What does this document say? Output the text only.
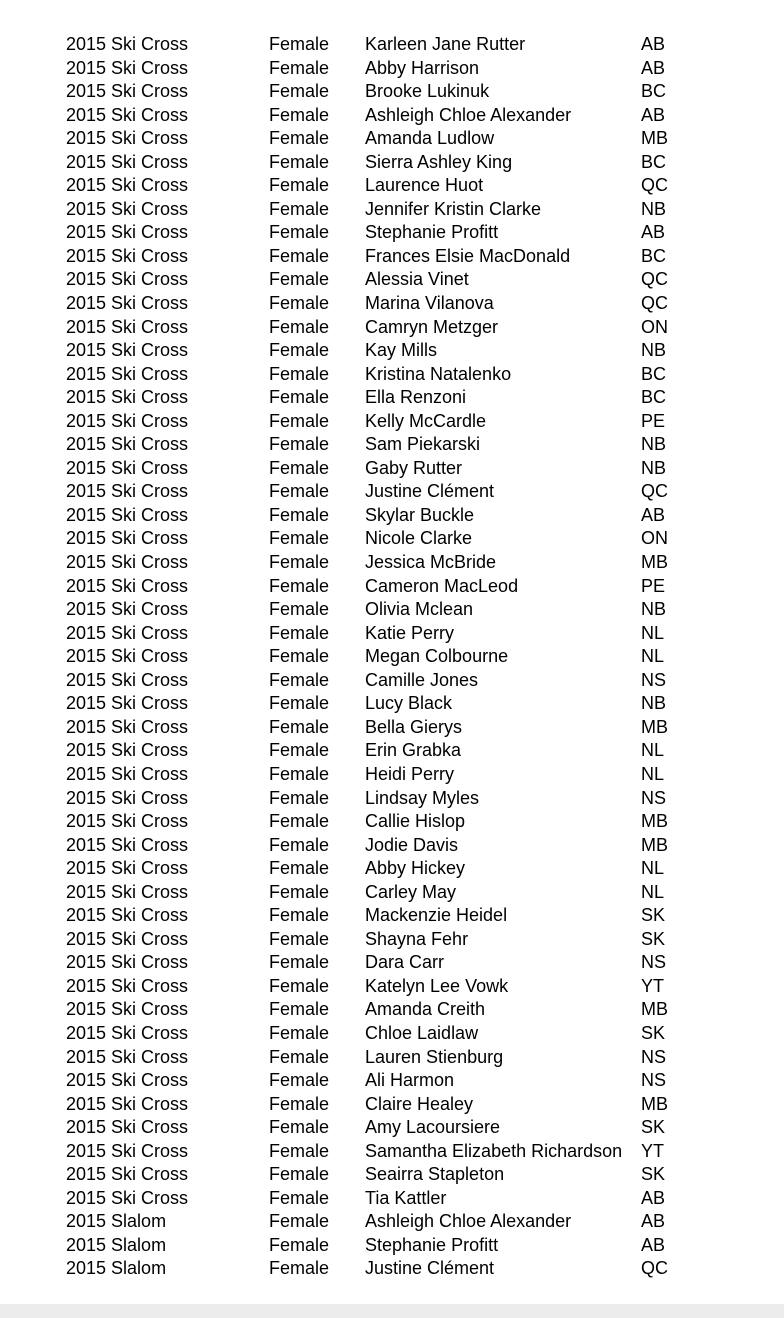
2015 Ski Cross	Female Karleen Jane Rutter	AB
2015 Ski Cross	Female Abby Harrison	AB
2015 Ski Cross	Female Brooke Lukinuk	BC
2015 Ski Cross	Female Ashleigh Chloe Alexander	AB
2015 Ski Cross	Female Amanda Ludlow	MB
2015 Ski Cross	Female Sierra Ashley King	BC
2015 Ski Cross	Female Laurence Huot	QC
2015 Ski Cross	Female Jennifer Kristin Clarke	NB
2015 Ski Cross	Female Stephanie Profitt	AB
2015 Ski Cross	Female Frances Elsie MacDonald	BC
2015 Ski Cross	Female Alessia Vinet	QC
2015 Ski Cross	Female Marina Vilanova	QC
2015 Ski Cross	Female Camryn Metzger	ON
2015 Ski Cross	Female Kay Mills	NB
2015 Ski Cross	Female Kristina Natalenko	BC
2015 Ski Cross	Female Ella Renzoni	BC
2015 Ski Cross	Female Kelly McCardle	PE
2015 Ski Cross	Female Sam Piekarski	NB
2015 Ski Cross	Female Gaby Rutter	NB
2015 Ski Cross	Female Justine Clément	QC
2015 Ski Cross	Female Skylar Buckle	AB
2015 Ski Cross	Female Nicole Clarke	ON
2015 Ski Cross	Female Jessica McBride	MB
2015 Ski Cross	Female Cameron MacLeod	PE
2015 Ski Cross	Female Olivia Mclean	NB
2015 Ski Cross	Female Katie Perry	NL
2015 Ski Cross	Female Megan Colbourne	NL
2015 Ski Cross	Female Camille Jones	NS
2015 Ski Cross	Female Lucy Black	NB
2015 Ski Cross	Female Bella Gierys	MB
2015 Ski Cross	Female Erin Grabka	NL
2015 Ski Cross	Female Heidi Perry	NL
2015 Ski Cross	Female Lindsay Myles	NS
2015 Ski Cross	Female Callie Hislop	MB
2015 Ski Cross	Female Jodie Davis	MB
2015 Ski Cross	Female Abby Hickey	NL
2015 Ski Cross	Female Carley May	NL
2015 Ski Cross	Female Mackenzie Heidel	SK
2015 Ski Cross	Female Shayna Fehr	SK
2015 Ski Cross	Female Dara Carr	NS
2015 Ski Cross	Female Katelyn Lee Vowk	YT
2015 Ski Cross	Female Amanda Creith	MB
2015 Ski Cross	Female Chloe Laidlaw	SK
2015 Ski Cross	Female Lauren Stienburg	NS
2015 Ski Cross	Female Ali Harmon	NS
2015 Ski Cross	Female Claire Healey	MB
2015 Ski Cross	Female Amy Lacoursiere	SK
2015 Ski Cross	Female Samantha Elizabeth Richardson YT
2015 Ski Cross	Female Seairra Stapleton	SK
2015 Ski Cross	Female Tia Kattler	AB
2015 Slalom	Female Ashleigh Chloe Alexander	AB
2015 Slalom	Female Stephanie Profitt	AB
2015 Slalom	Female Justine Clément	QC
